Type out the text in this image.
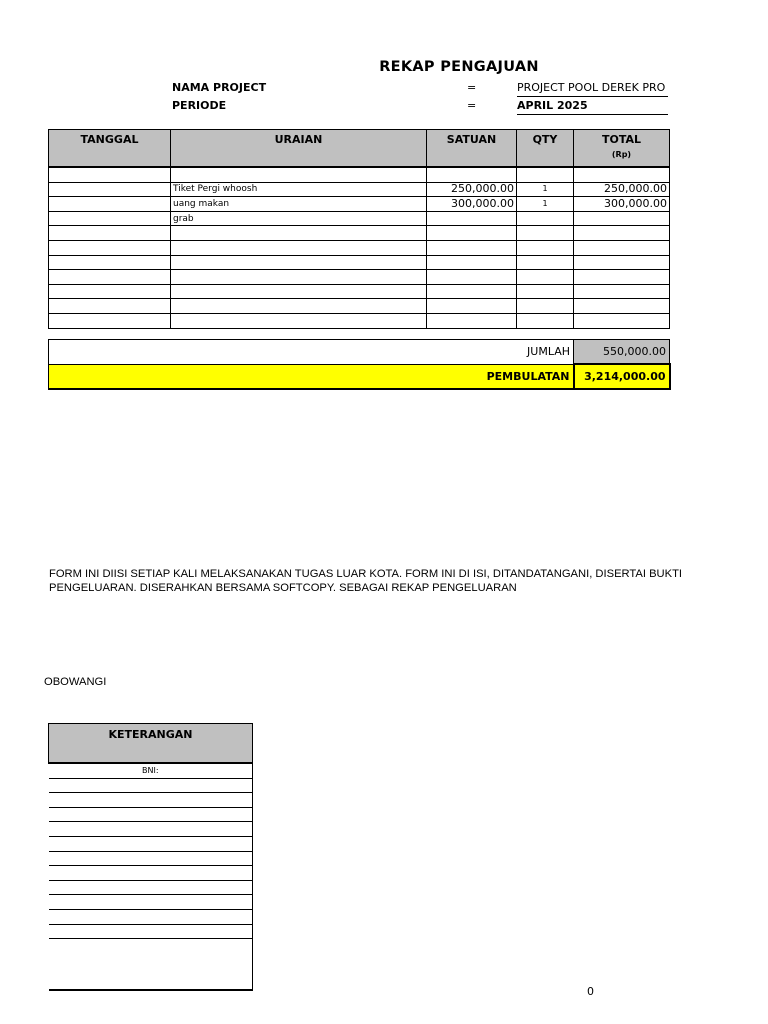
REKAP PENGAJUAN
NAMA PROJECT	=	PROJECT POOL DEREK PRO
PERIODE	=	APRIL 2025
TANGGAL	URAIAN	SATUAN	QTY	TOTAL
(Rp)

	Tiket Pergi whoosh	250,000.00	1	250,000.00
	uang makan	300,000.00	1	300,000.00
	grab			

JUMLAH	550,000.00
PEMBULATAN	3,214,000.00
FORM INI DIISI SETIAP KALI MELAKSANAKAN TUGAS LUAR KOTA. FORM INI DI ISI, DITANDATANGANI, DISERTAI BUKTI PENGELUARAN. DISERAHKAN BERSAMA SOFTCOPY. SEBAGAI REKAP PENGELUARAN
OBOWANGI
KETERANGAN
BNI:

0
